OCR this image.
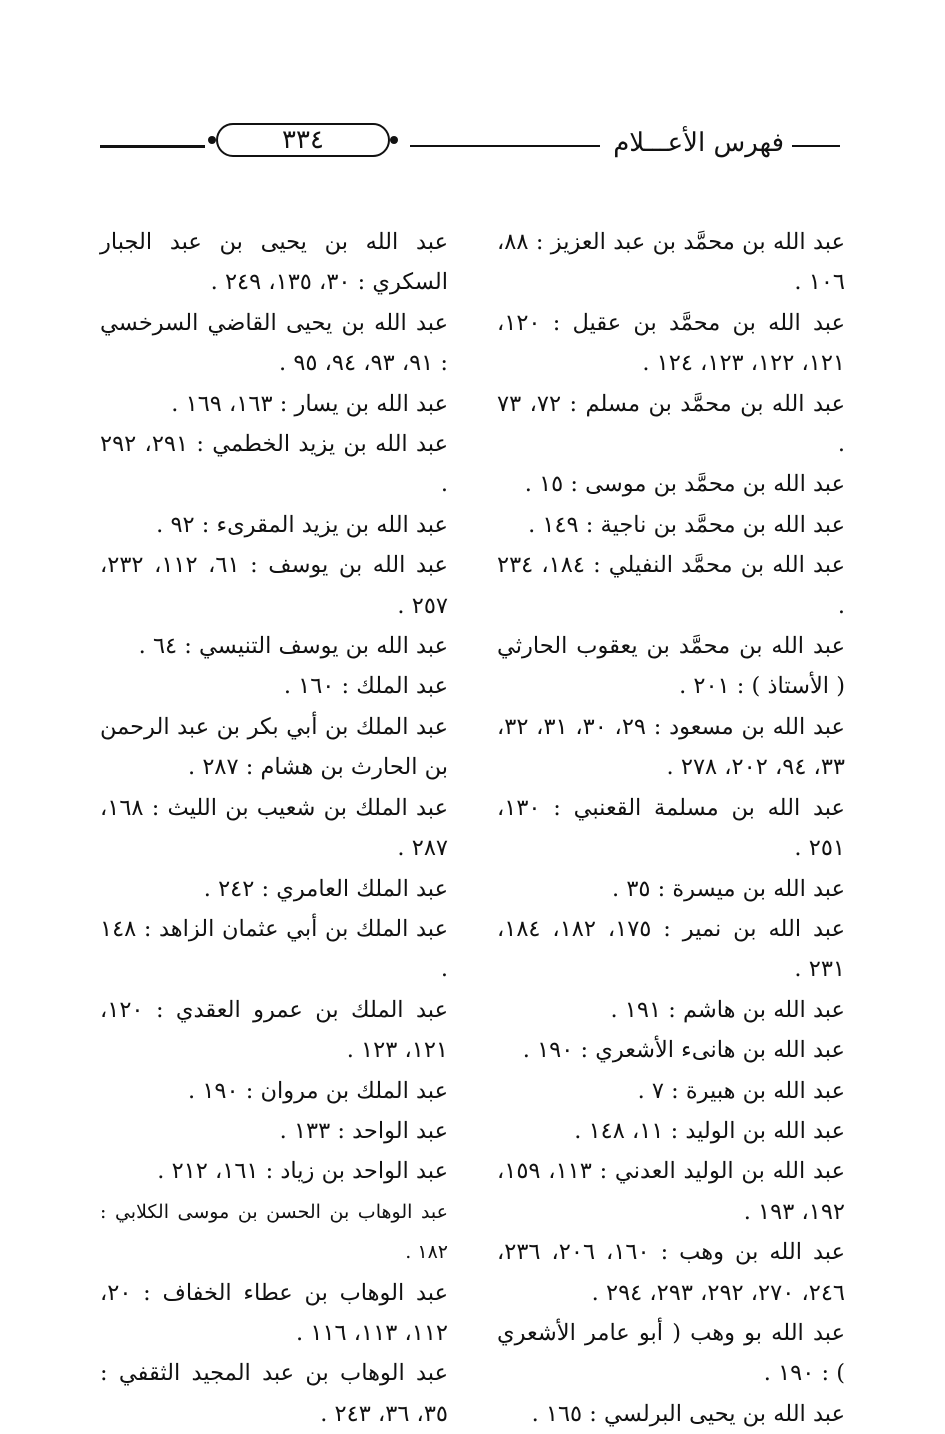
فهرس الأعـــلام
٣٣٤

عبد الله بن محمَّد بن عبد العزيز : ٨٨، ١٠٦ .

عبد الله بن محمَّد بن عقيل : ١٢٠، ١٢١، ١٢٢، ١٢٣، ١٢٤ .

عبد الله بن محمَّد بن مسلم : ٧٢، ٧٣ .

عبد الله بن محمَّد بن موسى : ١٥ .

عبد الله بن محمَّد بن ناجية : ١٤٩ .

عبد الله بن محمَّد النفيلي : ١٨٤، ٢٣٤ .

عبد الله بن محمَّد بن يعقوب الحارثي ( الأستاذ ) : ٢٠١ .

عبد الله بن مسعود : ٢٩، ٣٠، ٣١، ٣٢، ٣٣، ٩٤، ٢٠٢، ٢٧٨ .

عبد الله بن مسلمة القعنبي : ١٣٠، ٢٥١ .

عبد الله بن ميسرة : ٣٥ .

عبد الله بن نمير : ١٧٥، ١٨٢، ١٨٤، ٢٣١ .

عبد الله بن هاشم : ١٩١ .

عبد الله بن هانىء الأشعري : ١٩٠ .

عبد الله بن هبيرة : ٧ .

عبد الله بن الوليد : ١١، ١٤٨ .

عبد الله بن الوليد العدني : ١١٣، ١٥٩، ١٩٢، ١٩٣ .

عبد الله بن وهب : ١٦٠، ٢٠٦، ٢٣٦، ٢٤٦، ٢٧٠، ٢٩٢، ٢٩٣، ٢٩٤ .

عبد الله بو وهب ( أبو عامر الأشعري ) : ١٩٠ .

عبد الله بن يحيى البرلسي : ١٦٥ .

عبد الله بن يحيى بن عبد الجبار السكري : ٣٠، ١٣٥، ٢٤٩ .

عبد الله بن يحيى القاضي السرخسي : ٩١، ٩٣، ٩٤، ٩٥ .

عبد الله بن يسار : ١٦٣، ١٦٩ .

عبد الله بن يزيد الخطمي : ٢٩١، ٢٩٢ .

عبد الله بن يزيد المقرىء : ٩٢ .

عبد الله بن يوسف : ٦١، ١١٢، ٢٣٢، ٢٥٧ .

عبد الله بن يوسف التنيسي : ٦٤ .

عبد الملك : ١٦٠ .

عبد الملك بن أبي بكر بن عبد الرحمن بن الحارث بن هشام : ٢٨٧ .

عبد الملك بن شعيب بن الليث : ١٦٨، ٢٨٧ .

عبد الملك العامري : ٢٤٢ .

عبد الملك بن أبي عثمان الزاهد : ١٤٨ .

عبد الملك بن عمرو العقدي : ١٢٠، ١٢١، ١٢٣ .

عبد الملك بن مروان : ١٩٠ .

عبد الواحد : ١٣٣ .

عبد الواحد بن زياد : ١٦١، ٢١٢ .

عبد الوهاب بن الحسن بن موسى الكلابي : ١٨٢ .

عبد الوهاب بن عطاء الخفاف : ٢٠، ١١٢، ١١٣، ١١٦ .

عبد الوهاب بن عبد المجيد الثقفي : ٣٥، ٣٦، ٢٤٣ .
